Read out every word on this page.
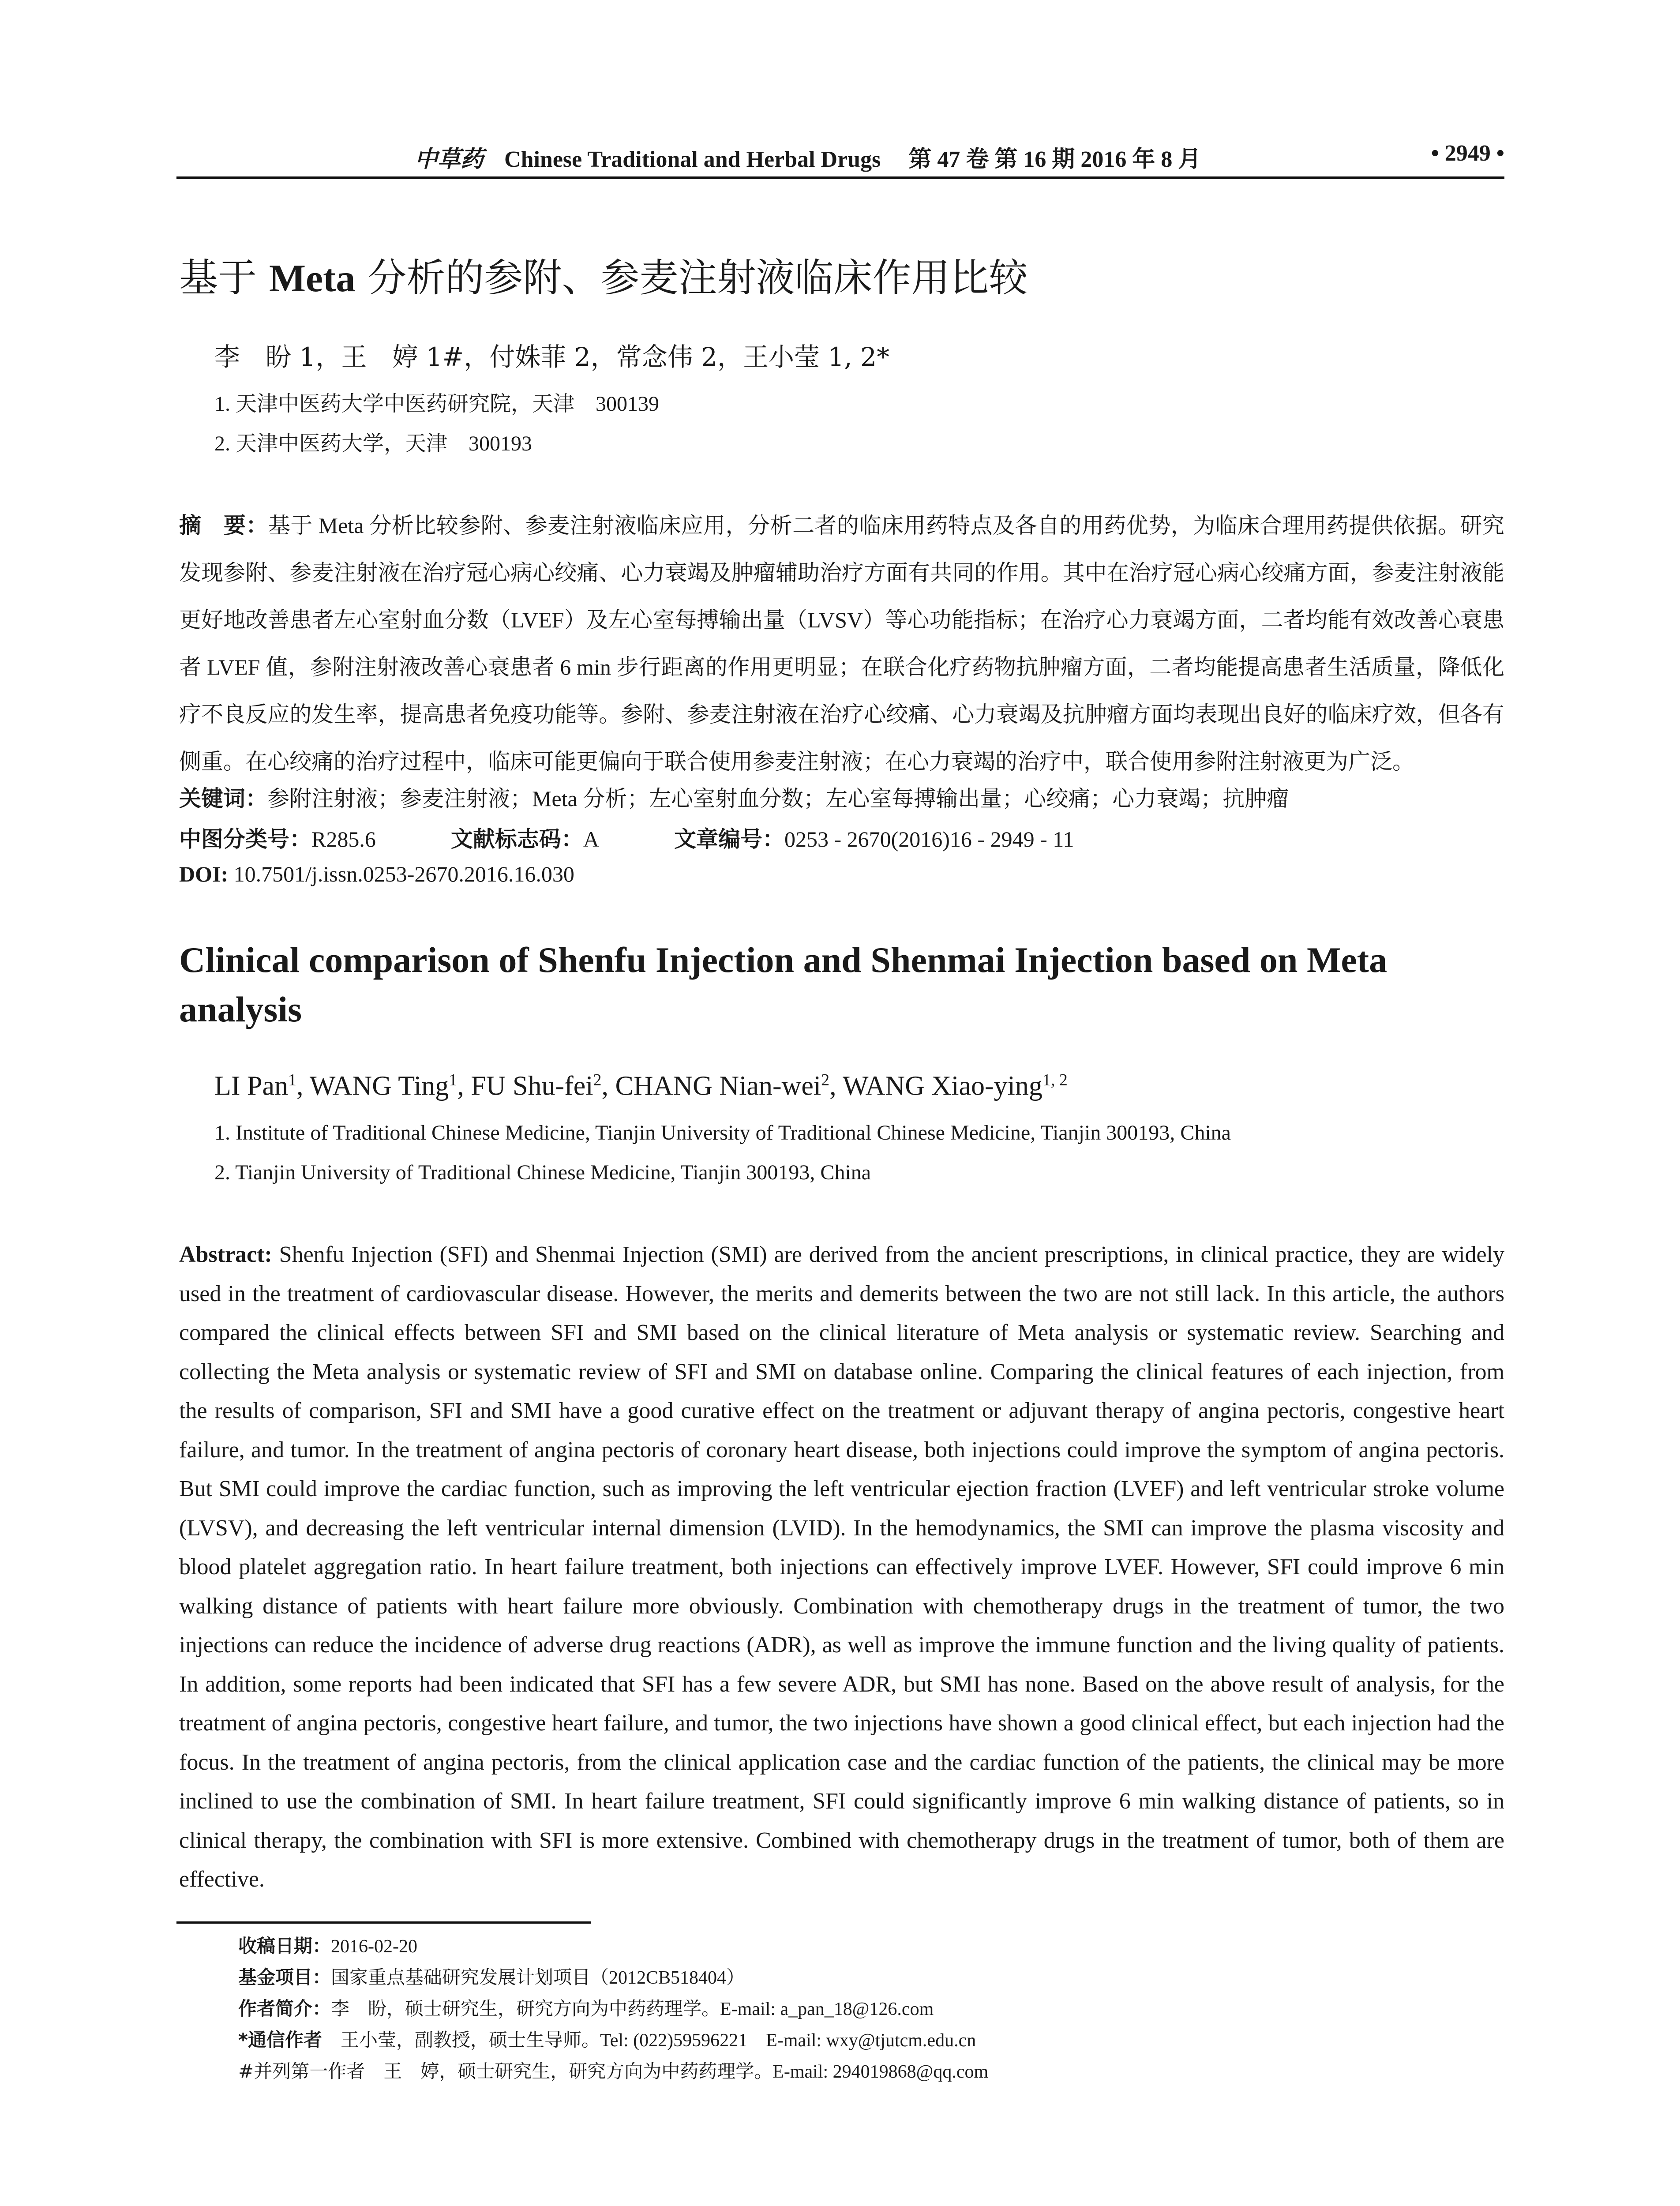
中草药 Chinese Traditional and Herbal Drugs 第 47 卷 第 16 期 2016 年 8 月	• 2949 •
基于 Meta 分析的参附、参麦注射液临床作用比较
李　盼 1，王　婷 1#，付姝菲 2，常念伟 2，王小莹 1, 2*
1. 天津中医药大学中医药研究院，天津　300139
2. 天津中医药大学，天津　300193
摘　要：基于 Meta 分析比较参附、参麦注射液临床应用，分析二者的临床用药特点及各自的用药优势，为临床合理用药提供依据。研究发现参附、参麦注射液在治疗冠心病心绞痛、心力衰竭及肿瘤辅助治疗方面有共同的作用。其中在治疗冠心病心绞痛方面，参麦注射液能更好地改善患者左心室射血分数（LVEF）及左心室每搏输出量（LVSV）等心功能指标；在治疗心力衰竭方面，二者均能有效改善心衰患者 LVEF 值，参附注射液改善心衰患者 6 min 步行距离的作用更明显；在联合化疗药物抗肿瘤方面，二者均能提高患者生活质量，降低化疗不良反应的发生率，提高患者免疫功能等。参附、参麦注射液在治疗心绞痛、心力衰竭及抗肿瘤方面均表现出良好的临床疗效，但各有侧重。在心绞痛的治疗过程中，临床可能更偏向于联合使用参麦注射液；在心力衰竭的治疗中，联合使用参附注射液更为广泛。
关键词：参附注射液；参麦注射液；Meta 分析；左心室射血分数；左心室每搏输出量；心绞痛；心力衰竭；抗肿瘤
中图分类号：R285.6	文献标志码：A	文章编号：0253 - 2670(2016)16 - 2949 - 11
DOI: 10.7501/j.issn.0253-2670.2016.16.030
Clinical comparison of Shenfu Injection and Shenmai Injection based on Meta analysis
LI Pan$^1$, WANG Ting$^1$, FU Shu-fei$^2$, CHANG Nian-wei$^2$, WANG Xiao-ying$^{1, 2}$
1. Institute of Traditional Chinese Medicine, Tianjin University of Traditional Chinese Medicine, Tianjin 300193, China
2. Tianjin University of Traditional Chinese Medicine, Tianjin 300193, China
Abstract: Shenfu Injection (SFI) and Shenmai Injection (SMI) are derived from the ancient prescriptions, in clinical practice, they are widely used in the treatment of cardiovascular disease. However, the merits and demerits between the two are not still lack. In this article, the authors compared the clinical effects between SFI and SMI based on the clinical literature of Meta analysis or systematic review. Searching and collecting the Meta analysis or systematic review of SFI and SMI on database online. Comparing the clinical features of each injection, from the results of comparison, SFI and SMI have a good curative effect on the treatment or adjuvant therapy of angina pectoris, congestive heart failure, and tumor. In the treatment of angina pectoris of coronary heart disease, both injections could improve the symptom of angina pectoris. But SMI could improve the cardiac function, such as improving the left ventricular ejection fraction (LVEF) and left ventricular stroke volume (LVSV), and decreasing the left ventricular internal dimension (LVID). In the hemodynamics, the SMI can improve the plasma viscosity and blood platelet aggregation ratio. In heart failure treatment, both injections can effectively improve LVEF. However, SFI could improve 6 min walking distance of patients with heart failure more obviously. Combination with chemotherapy drugs in the treatment of tumor, the two injections can reduce the incidence of adverse drug reactions (ADR), as well as improve the immune function and the living quality of patients. In addition, some reports had been indicated that SFI has a few severe ADR, but SMI has none. Based on the above result of analysis, for the treatment of angina pectoris, congestive heart failure, and tumor, the two injections have shown a good clinical effect, but each injection had the focus. In the treatment of angina pectoris, from the clinical application case and the cardiac function of the patients, the clinical may be more inclined to use the combination of SMI. In heart failure treatment, SFI could significantly improve 6 min walking distance of patients, so in clinical therapy, the combination with SFI is more extensive. Combined with chemotherapy drugs in the treatment of tumor, both of them are effective.
收稿日期：2016-02-20
基金项目：国家重点基础研究发展计划项目（2012CB518404）
作者简介：李　盼，硕士研究生，研究方向为中药药理学。E-mail: a_pan_18@126.com
*通信作者　王小莹，副教授，硕士生导师。Tel: (022)59596221　E-mail: wxy@tjutcm.edu.cn
#并列第一作者　王　婷，硕士研究生，研究方向为中药药理学。E-mail: 294019868@qq.com
